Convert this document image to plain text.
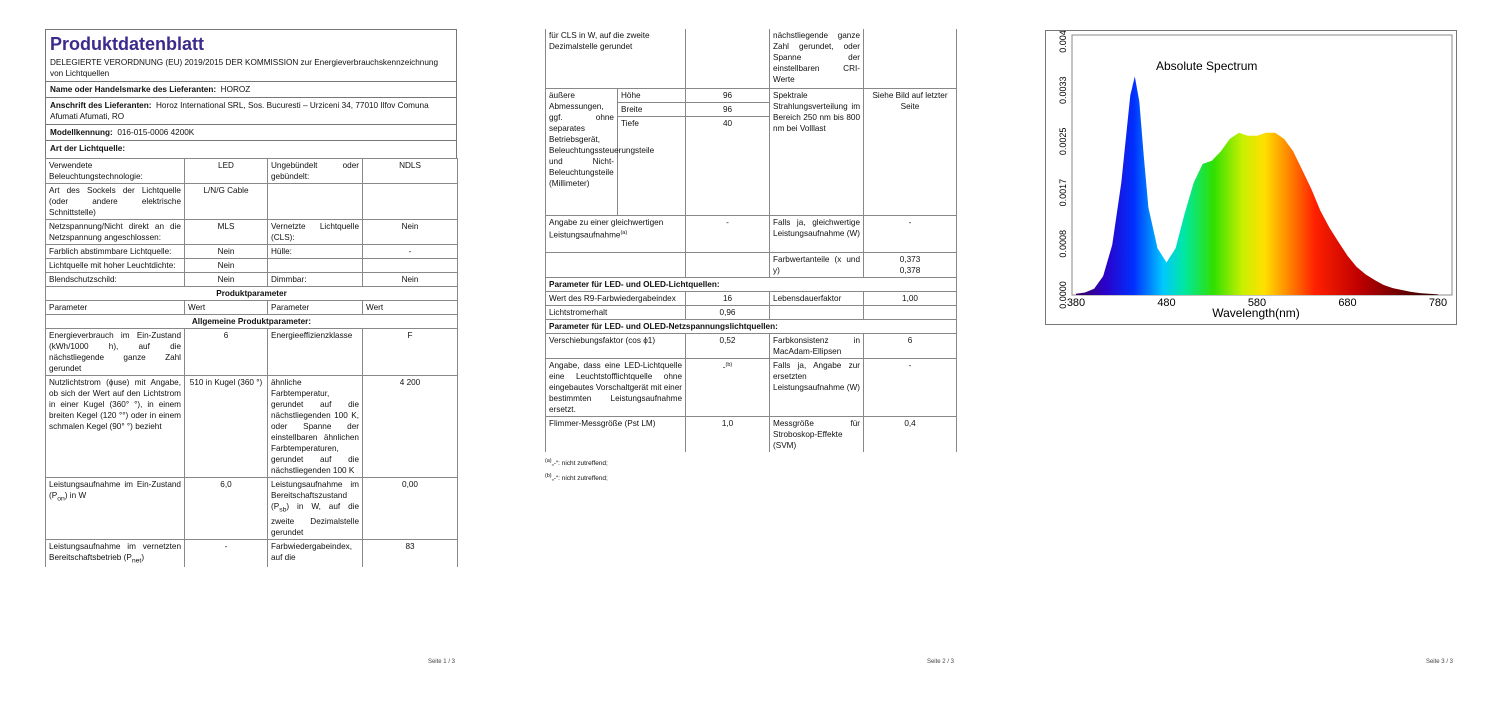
Produktdatenblatt
DELEGIERTE VERORDNUNG (EU) 2019/2015 DER KOMMISSION zur Energieverbrauchskennzeichnung von Lichtquellen
Name oder Handelsmarke des Lieferanten: HOROZ
Anschrift des Lieferanten: Horoz International SRL, Sos. Bucuresti – Urziceni 34, 77010 Ilfov Comuna Afumati Afumati, RO
Modellkennung: 016-015-0006 4200K
Art der Lichtquelle:
Verwendete Beleuchtungstechnologie:	LED	Ungebündelt oder gebündelt:	NDLS
Art des Sockels der Lichtquelle (oder andere elektrische Schnittstelle)	L/N/G Cable		
Netzspannung/Nicht direkt an die Netzspannung angeschlossen:	MLS	Vernetzte Lichtquelle (CLS):	Nein
Farblich abstimmbare Lichtquelle:	Nein	Hülle:	-
Lichtquelle mit hoher Leuchtdichte:	Nein		
Blendschutzschild:	Nein	Dimmbar:	Nein
Produktparameter			
Parameter	Wert	Parameter	Wert
Allgemeine Produktparameter:			
Energieverbrauch im Ein-Zustand (kWh/1000 h), auf die nächstliegende ganze Zahl gerundet	6	Energieeffizienzklasse	F
Nutzlichtstrom (ϕuse) mit Angabe, ob sich der Wert auf den Lichtstrom in einer Kugel (360° °), in einem breiten Kegel (120 °°) oder in einem schmalen Kegel (90° °) bezieht	510 in Kugel (360 °)	ähnliche Farbtemperatur, gerundet auf die nächstliegenden 100 K, oder Spanne der einstellbaren ähnlichen Farbtemperaturen, gerundet auf die nächstliegenden 100 K	4 200
Leistungsaufnahme im Ein-Zustand $(P_{on})$ in W	6,0	Leistungsaufnahme im Bereitschaftszustand $(P_{sb})$ in W, auf die zweite Dezimalstelle gerundet	0,00
Leistungsaufnahme im vernetzten Bereitschaftsbetrieb $(P_{net})$	-	Farbwiedergabeindex, auf die	83
Seite 1 / 3
für CLS in W, auf die zweite Dezimalstelle gerundet			nächstliegende ganze Zahl gerundet, oder Spanne der einstellbaren CRI-Werte	
äußere Abmessungen, ggf. ohne separates Betriebsgerät, Beleuchtungssteuerungsteile und Nicht-Beleuchtungsteile (Millimeter)	Höhe	96	Spektrale Strahlungsverteilung im Bereich 250 nm bis 800 nm bei Volllast	Siehe Bild auf letzter Seite
	Breite	96		
	Tiefe	40		
Angabe zu einer gleichwertigen Leistungsaufnahme$^{(a)}$		-	Falls ja, gleichwertige Leistungsaufnahme (W)	-
			Farbwertanteile (x und y)	0,373
0,378

Parameter für LED- und OLED-Lichtquellen:				
Wert des R9-Farbwiedergabeindex		16	Lebensdauerfaktor	1,00
Lichtstromerhalt		0,96		
Parameter für LED- und OLED-Netzspannungslichtquellen:				
Verschiebungsfaktor (cos ϕ1)		0,52	Farbkonsistenz in MacAdam-Ellipsen	6
Angabe, dass eine LED-Lichtquelle eine Leuchtstofflichtquelle ohne eingebautes Vorschaltgerät mit einer bestimmten Leistungsaufnahme ersetzt.		-$^{(b)}$	Falls ja, Angabe zur ersetzten Leistungsaufnahme (W)	-
Flimmer-Messgröße (Pst LM)		1,0	Messgröße für Stroboskop-Effekte (SVM)	0,4
$^{(a)}$„-“: nicht zutreffend;
$^{(b)}$„-“: nicht zutreffend;
Seite 2 / 3	Seite 3 / 3
0.0000
0.0008
0.0017
0.0025
0.0033
0.0041
380	480	580	680	780
Absolute Spectrum
Wavelength(nm)
